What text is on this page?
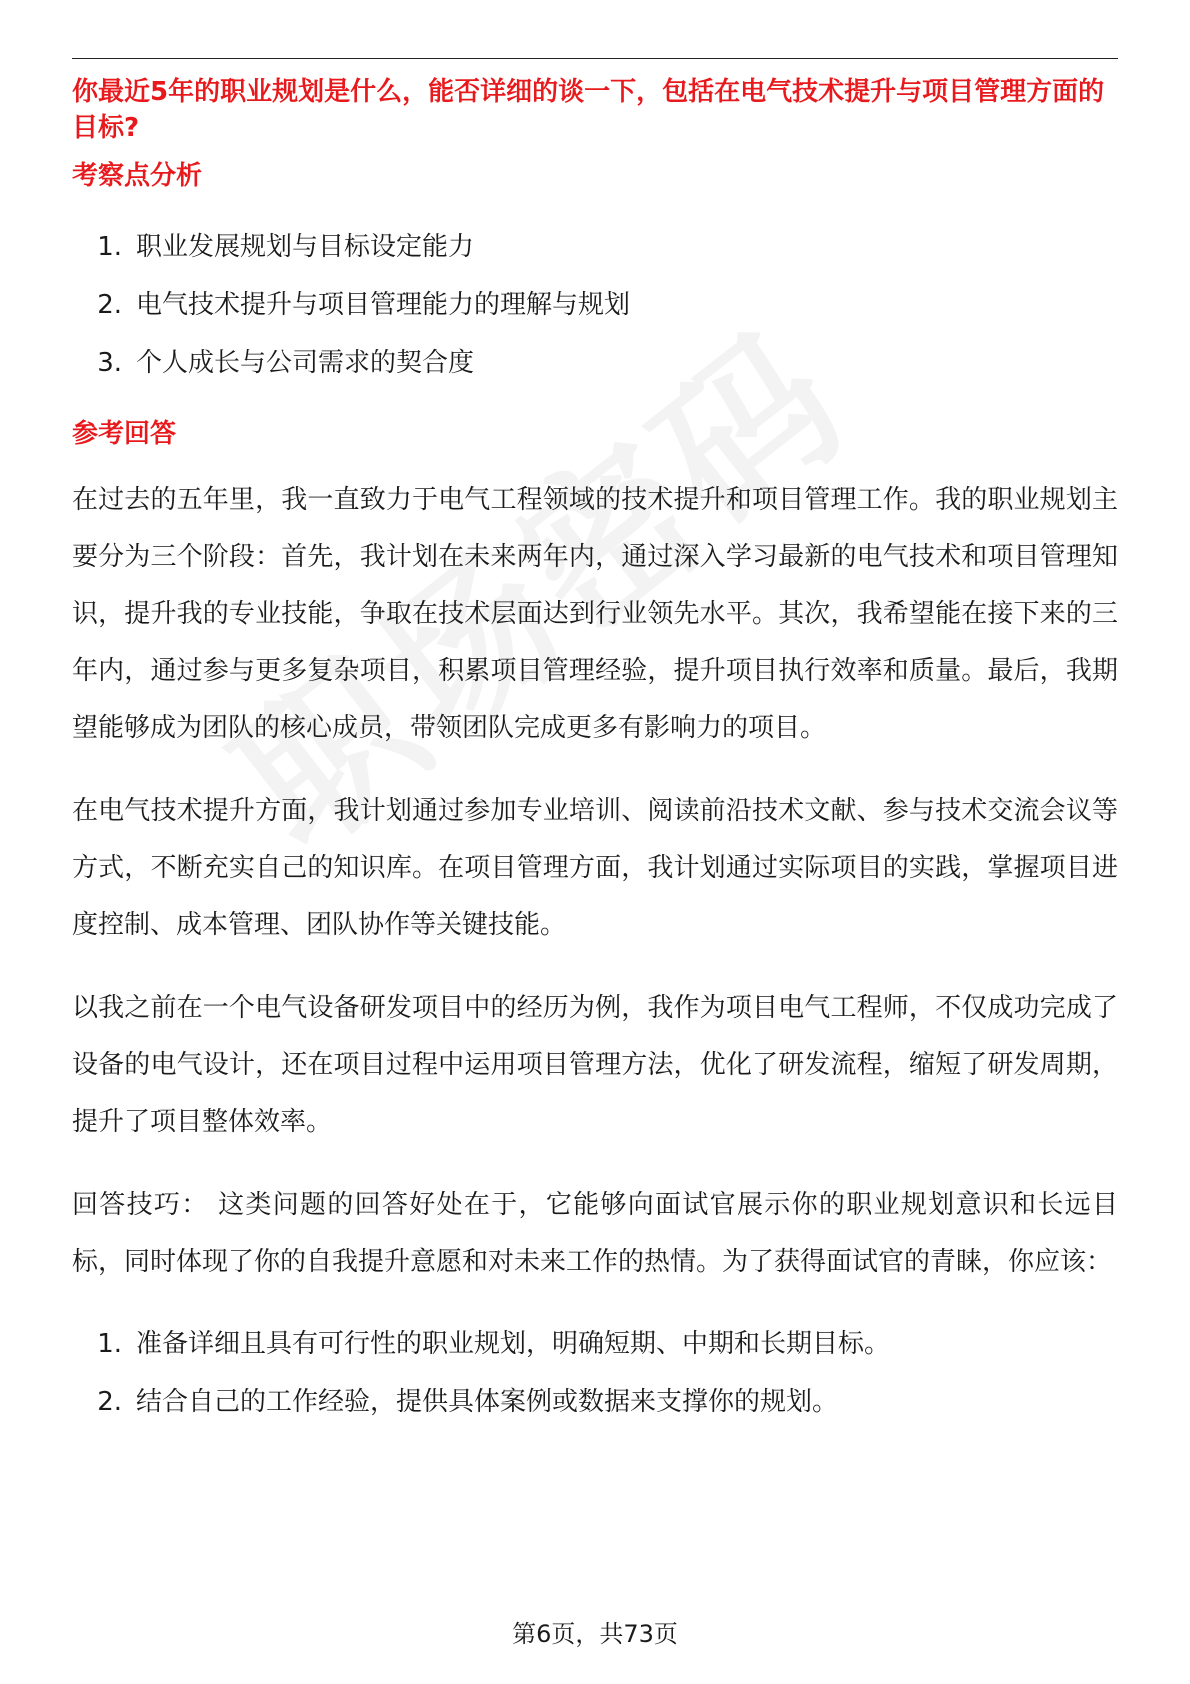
你最近5年的职业规划是什么，能否详细的谈一下，包括在电气技术提升与项目管理方面的目标?

考察点分析
1. 职业发展规划与目标设定能力
2. 电气技术提升与项目管理能力的理解与规划
3. 个人成长与公司需求的契合度
参考回答

在过去的五年里，我一直致力于电气工程领域的技术提升和项目管理工作。我的职业规划主要分为三个阶段：首先，我计划在未来两年内，通过深入学习最新的电气技术和项目管理知识，提升我的专业技能，争取在技术层面达到行业领先水平。其次，我希望能在接下来的三年内，通过参与更多复杂项目，积累项目管理经验，提升项目执行效率和质量。最后，我期望能够成为团队的核心成员，带领团队完成更多有影响力的项目。

在电气技术提升方面，我计划通过参加专业培训、阅读前沿技术文献、参与技术交流会议等方式，不断充实自己的知识库。在项目管理方面，我计划通过实际项目的实践，掌握项目进度控制、成本管理、团队协作等关键技能。

以我之前在一个电气设备研发项目中的经历为例，我作为项目电气工程师，不仅成功完成了设备的电气设计，还在项目过程中运用项目管理方法，优化了研发流程，缩短了研发周期，提升了项目整体效率。

回答技巧： 这类问题的回答好处在于，它能够向面试官展示你的职业规划意识和长远目标，同时体现了你的自我提升意愿和对未来工作的热情。为了获得面试官的青睐，你应该：

1. 准备详细且具有可行性的职业规划，明确短期、中期和长期目标。
2. 结合自己的工作经验，提供具体案例或数据来支撑你的规划。
第6页，共73页
